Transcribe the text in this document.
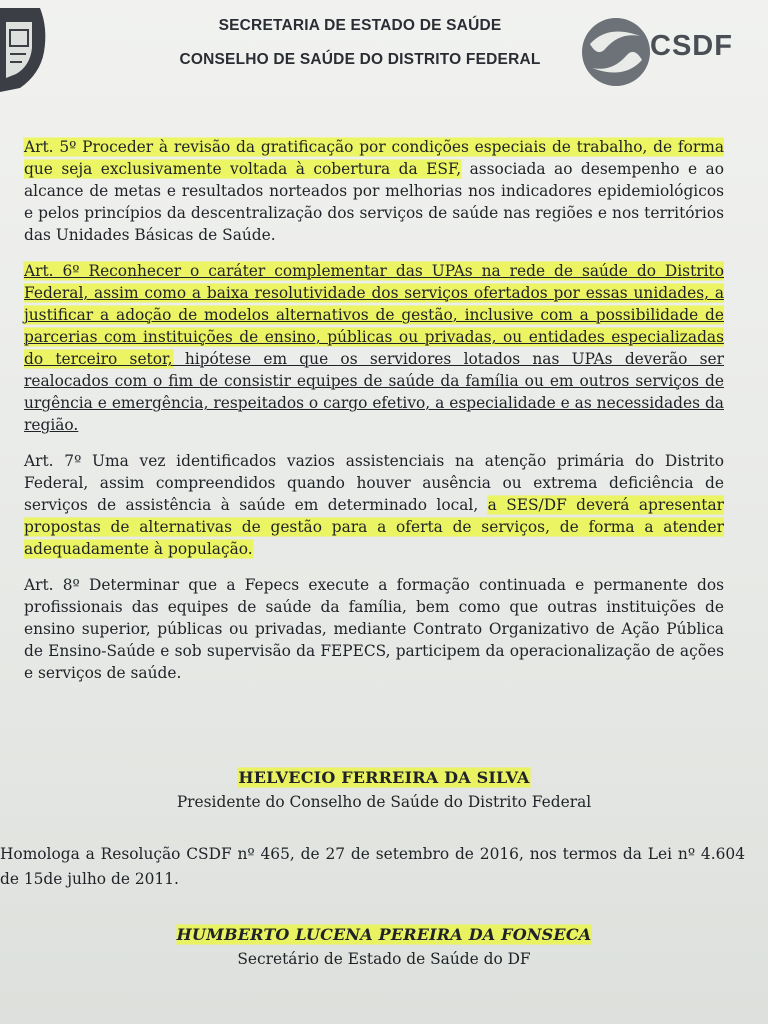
SECRETARIA DE ESTADO DE SAÚDE
CONSELHO DE SAÚDE DO DISTRITO FEDERAL	CSDF

Art. 5º Proceder à revisão da gratificação por condições especiais de trabalho, de forma que seja exclusivamente voltada à cobertura da ESF, associada ao desempenho e ao alcance de metas e resultados norteados por melhorias nos indicadores epidemiológicos e pelos princípios da descentralização dos serviços de saúde nas regiões e nos territórios das Unidades Básicas de Saúde.

Art. 6º Reconhecer o caráter complementar das UPAs na rede de saúde do Distrito Federal, assim como a baixa resolutividade dos serviços ofertados por essas unidades, a justificar a adoção de modelos alternativos de gestão, inclusive com a possibilidade de parcerias com instituições de ensino, públicas ou privadas, ou entidades especializadas do terceiro setor, hipótese em que os servidores lotados nas UPAs deverão ser realocados com o fim de consistir equipes de saúde da família ou em outros serviços de urgência e emergência, respeitados o cargo efetivo, a especialidade e as necessidades da região.

Art. 7º Uma vez identificados vazios assistenciais na atenção primária do Distrito Federal, assim compreendidos quando houver ausência ou extrema deficiência de serviços de assistência à saúde em determinado local, a SES/DF deverá apresentar propostas de alternativas de gestão para a oferta de serviços, de forma a atender adequadamente à população.

Art. 8º Determinar que a Fepecs execute a formação continuada e permanente dos profissionais das equipes de saúde da família, bem como que outras instituições de ensino superior, públicas ou privadas, mediante Contrato Organizativo de Ação Pública de Ensino-Saúde e sob supervisão da FEPECS, participem da operacionalização de ações e serviços de saúde.

HELVECIO FERREIRA DA SILVA
Presidente do Conselho de Saúde do Distrito Federal
Homologa a Resolução CSDF nº 465, de 27 de setembro de 2016, nos termos da Lei nº 4.604 de 15de julho de 2011.
HUMBERTO LUCENA PEREIRA DA FONSECA
Secretário de Estado de Saúde do DF
